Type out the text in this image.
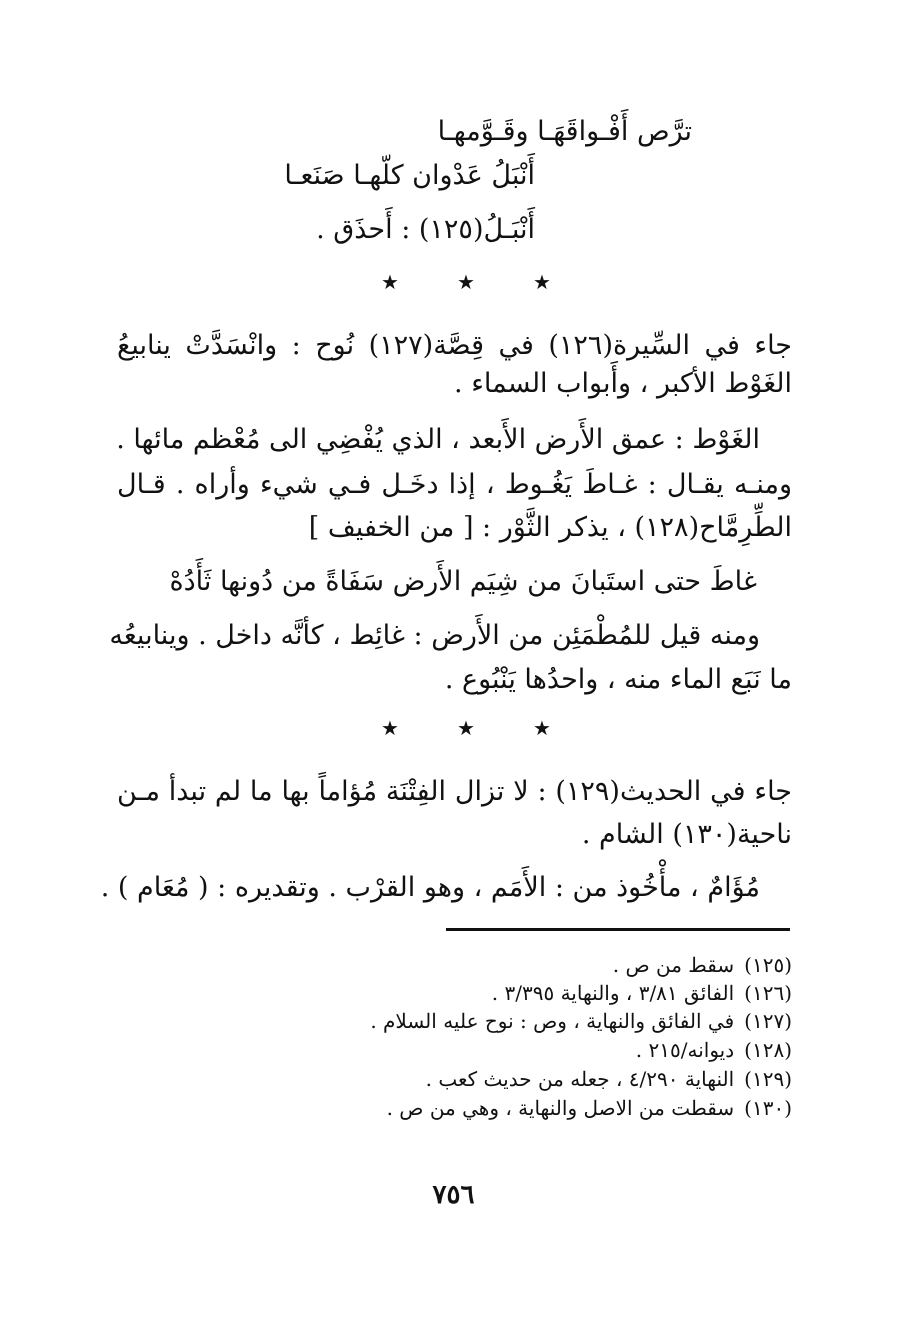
ترَّص أَفْـواقَهَـا وقَـوَّمهـا
أَنْبَلُ عَدْوان كلّهـا صَنَعـا
أَنْبَـلُ(١٢٥) : أَحذَق .
★	★	★
جاء في السِّيرة(١٢٦) في قِصَّة(١٢٧) نُوح : وانْسَدَّتْ ينابيعُ
الغَوْط الأكبر ، وأَبواب السماء .
الغَوْط : عمق الأَرض الأَبعد ، الذي يُفْضِي الى مُعْظم مائها .
ومنـه يقـال : غـاطَ يَغُـوط ، إذا دخَـل فـي شيء وأراه . قـال
الطِّرِمَّاح(١٢٨) ، يذكر الثَّوْر : [ من الخفيف ]
غاطَ حتى استَبانَ من شِيَم الأَرض سَفَاةً من دُونها ثَأَدُهْ
ومنه قيل للمُطْمَئِن من الأَرض : غائِط ، كأنَّه داخل . وينابيعُه
ما نَبَع الماء منه ، واحدُها يَنْبُوع .
★	★	★
جاء في الحديث(١٢٩) : لا تزال الفِتْنَة مُؤاماً بها ما لم تبدأ مـن
ناحية(١٣٠) الشام .
مُؤَامٌ ، مأْخُوذ من : الأَمَم ، وهو القرْب . وتقديره : ( مُعَام ) .
(١٢٥)سقط من ص .
(١٢٦)الفائق ٣/٨١ ، والنهاية ٣/٣٩٥ .
(١٢٧)في الفائق والنهاية ، وص : نوح عليه السلام .
(١٢٨)ديوانه/٢١٥ .
(١٢٩)النهاية ٤/٢٩٠ ، جعله من حديث كعب .
(١٣٠)سقطت من الاصل والنهاية ، وهي من ص .
٧٥٦
